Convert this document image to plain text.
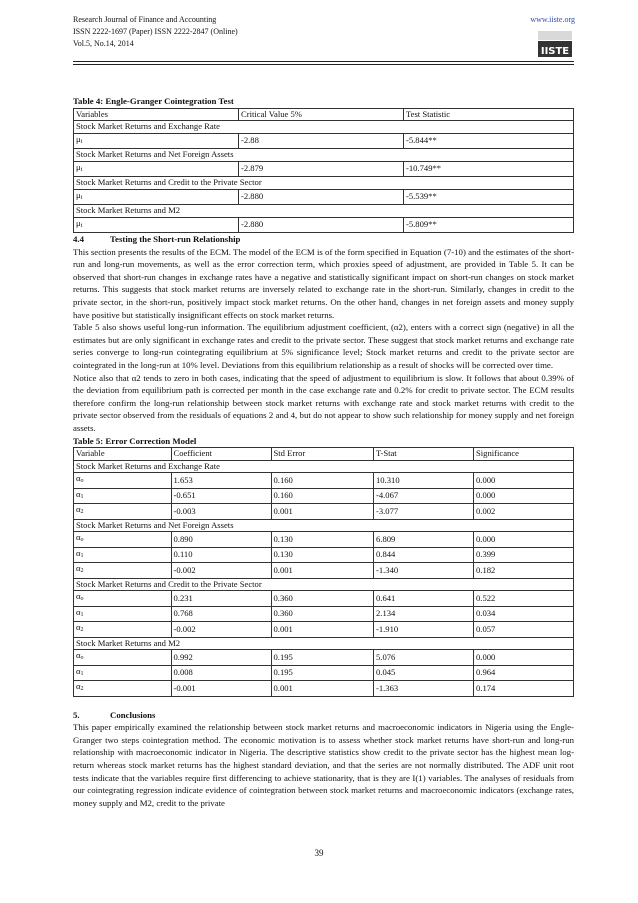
Research Journal of Finance and Accounting
ISSN 2222-1697 (Paper) ISSN 2222-2847 (Online)
Vol.5, No.14, 2014
www.iiste.org
IISTE
Table 4: Engle-Granger Cointegration Test
Variables	Critical Value 5%	Test Statistic
Stock Market Returns and Exchange Rate		
μt	-2.88	-5.844**
Stock Market Returns and Net Foreign Assets		
μt	-2.879	-10.749**
Stock Market Returns and Credit to the Private Sector		
μt	-2.880	-5.539**
Stock Market Returns and M2		
μt	-2.880	-5.809**
4.4	Testing the Short-run Relationship

This section presents the results of the ECM. The model of the ECM is of the form specified in Equation (7-10) and the estimates of the short-run and long-run movements, as well as the error correction term, which proxies speed of adjustment, are provided in Table 5. It can be observed that short-run changes in exchange rates have a negative and statistically significant impact on short-run changes on stock market returns. This suggests that stock market returns are inversely related to exchange rate in the short-run. Similarly, changes in credit to the private sector, in the short-run, positively impact stock market returns. On the other hand, changes in net foreign assets and money supply have positive but statistically insignificant effects on stock market returns.

Table 5 also shows useful long-run information. The equilibrium adjustment coefficient, (α2), enters with a correct sign (negative) in all the estimates but are only significant in exchange rates and credit to the private sector. These suggest that stock market returns and exchange rate series converge to long-run cointegrating equilibrium at 5% significance level; Stock market returns and credit to the private sector are cointegrated in the long-run at 10% level. Deviations from this equilibrium relationship as a result of shocks will be corrected over time.

Notice also that α2 tends to zero in both cases, indicating that the speed of adjustment to equilibrium is slow. It follows that about 0.39% of the deviation from equilibrium path is corrected per month in the case exchange rate and 0.2% for credit to private sector. The ECM results therefore confirm the long-run relationship between stock market returns with exchange rate and stock market returns with credit to the private sector observed from the residuals of equations 2 and 4, but do not appear to show such relationship for money supply and net foreign assets.

Table 5: Error Correction Model
Variable	Coefficient	Std Error	T-Stat	Significance
Stock Market Returns and Exchange Rate				
αo	1.653	0.160	10.310	0.000
α1	-0.651	0.160	-4.067	0.000
α2	-0.003	0.001	-3.077	0.002
Stock Market Returns and Net Foreign Assets				
αo	0.890	0.130	6.809	0.000
α1	0.110	0.130	0.844	0.399
α2	-0.002	0.001	-1.340	0.182
Stock Market Returns and Credit to the Private Sector				
αo	0.231	0.360	0.641	0.522
α1	0.768	0.360	2.134	0.034
α2	-0.002	0.001	-1.910	0.057
Stock Market Returns and M2				
αo	0.992	0.195	5.076	0.000
α1	0.008	0.195	0.045	0.964
α2	-0.001	0.001	-1.363	0.174
5.	Conclusions

This paper empirically examined the relationship between stock market returns and macroeconomic indicators in Nigeria using the Engle-Granger two steps cointegration method. The economic motivation is to assess whether stock market returns have short-run and long-run relationship with macroeconomic indicator in Nigeria. The descriptive statistics show credit to the private sector has the highest mean log-return whereas stock market returns has the highest standard deviation, and that the series are not normally distributed. The ADF unit root tests indicate that the variables require first differencing to achieve stationarity, that is they are I(1) variables. The analyses of residuals from our cointegrating regression indicate evidence of cointegration between stock market returns and macroeconomic indicators (exchange rates, money supply and M2, credit to the private

39
